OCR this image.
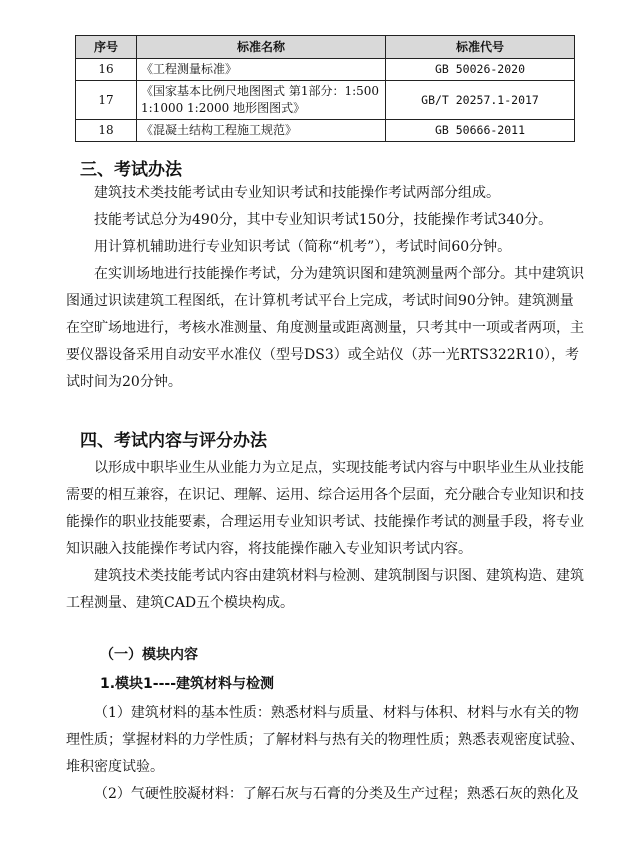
序号	标准名称	标准代号
16	《工程测量标准》	GB 50026-2020
17	《国家基本比例尺地图图式 第1部分：1:500
1:1000 1:2000 地形图图式》	GB/T 20257.1-2017
18	《混凝土结构工程施工规范》	GB 50666-2011
三、考试办法
建筑技术类技能考试由专业知识考试和技能操作考试两部分组成。
技能考试总分为490分，其中专业知识考试150分，技能操作考试340分。
用计算机辅助进行专业知识考试（简称“机考”），考试时间60分钟。
在实训场地进行技能操作考试，分为建筑识图和建筑测量两个部分。其中建筑识
图通过识读建筑工程图纸，在计算机考试平台上完成，考试时间90分钟。建筑测量
在空旷场地进行，考核水准测量、角度测量或距离测量，只考其中一项或者两项，主
要仪器设备采用自动安平水准仪（型号DS3）或全站仪（苏一光RTS322R10），考
试时间为20分钟。
四、考试内容与评分办法
以形成中职毕业生从业能力为立足点，实现技能考试内容与中职毕业生从业技能
需要的相互兼容，在识记、理解、运用、综合运用各个层面，充分融合专业知识和技
能操作的职业技能要素，合理运用专业知识考试、技能操作考试的测量手段，将专业
知识融入技能操作考试内容，将技能操作融入专业知识考试内容。
建筑技术类技能考试内容由建筑材料与检测、建筑制图与识图、建筑构造、建筑
工程测量、建筑CAD五个模块构成。
（一）模块内容
1.模块1----建筑材料与检测
（1）建筑材料的基本性质：熟悉材料与质量、材料与体积、材料与水有关的物
理性质；掌握材料的力学性质；了解材料与热有关的物理性质；熟悉表观密度试验、
堆积密度试验。
（2）气硬性胶凝材料：了解石灰与石膏的分类及生产过程；熟悉石灰的熟化及
